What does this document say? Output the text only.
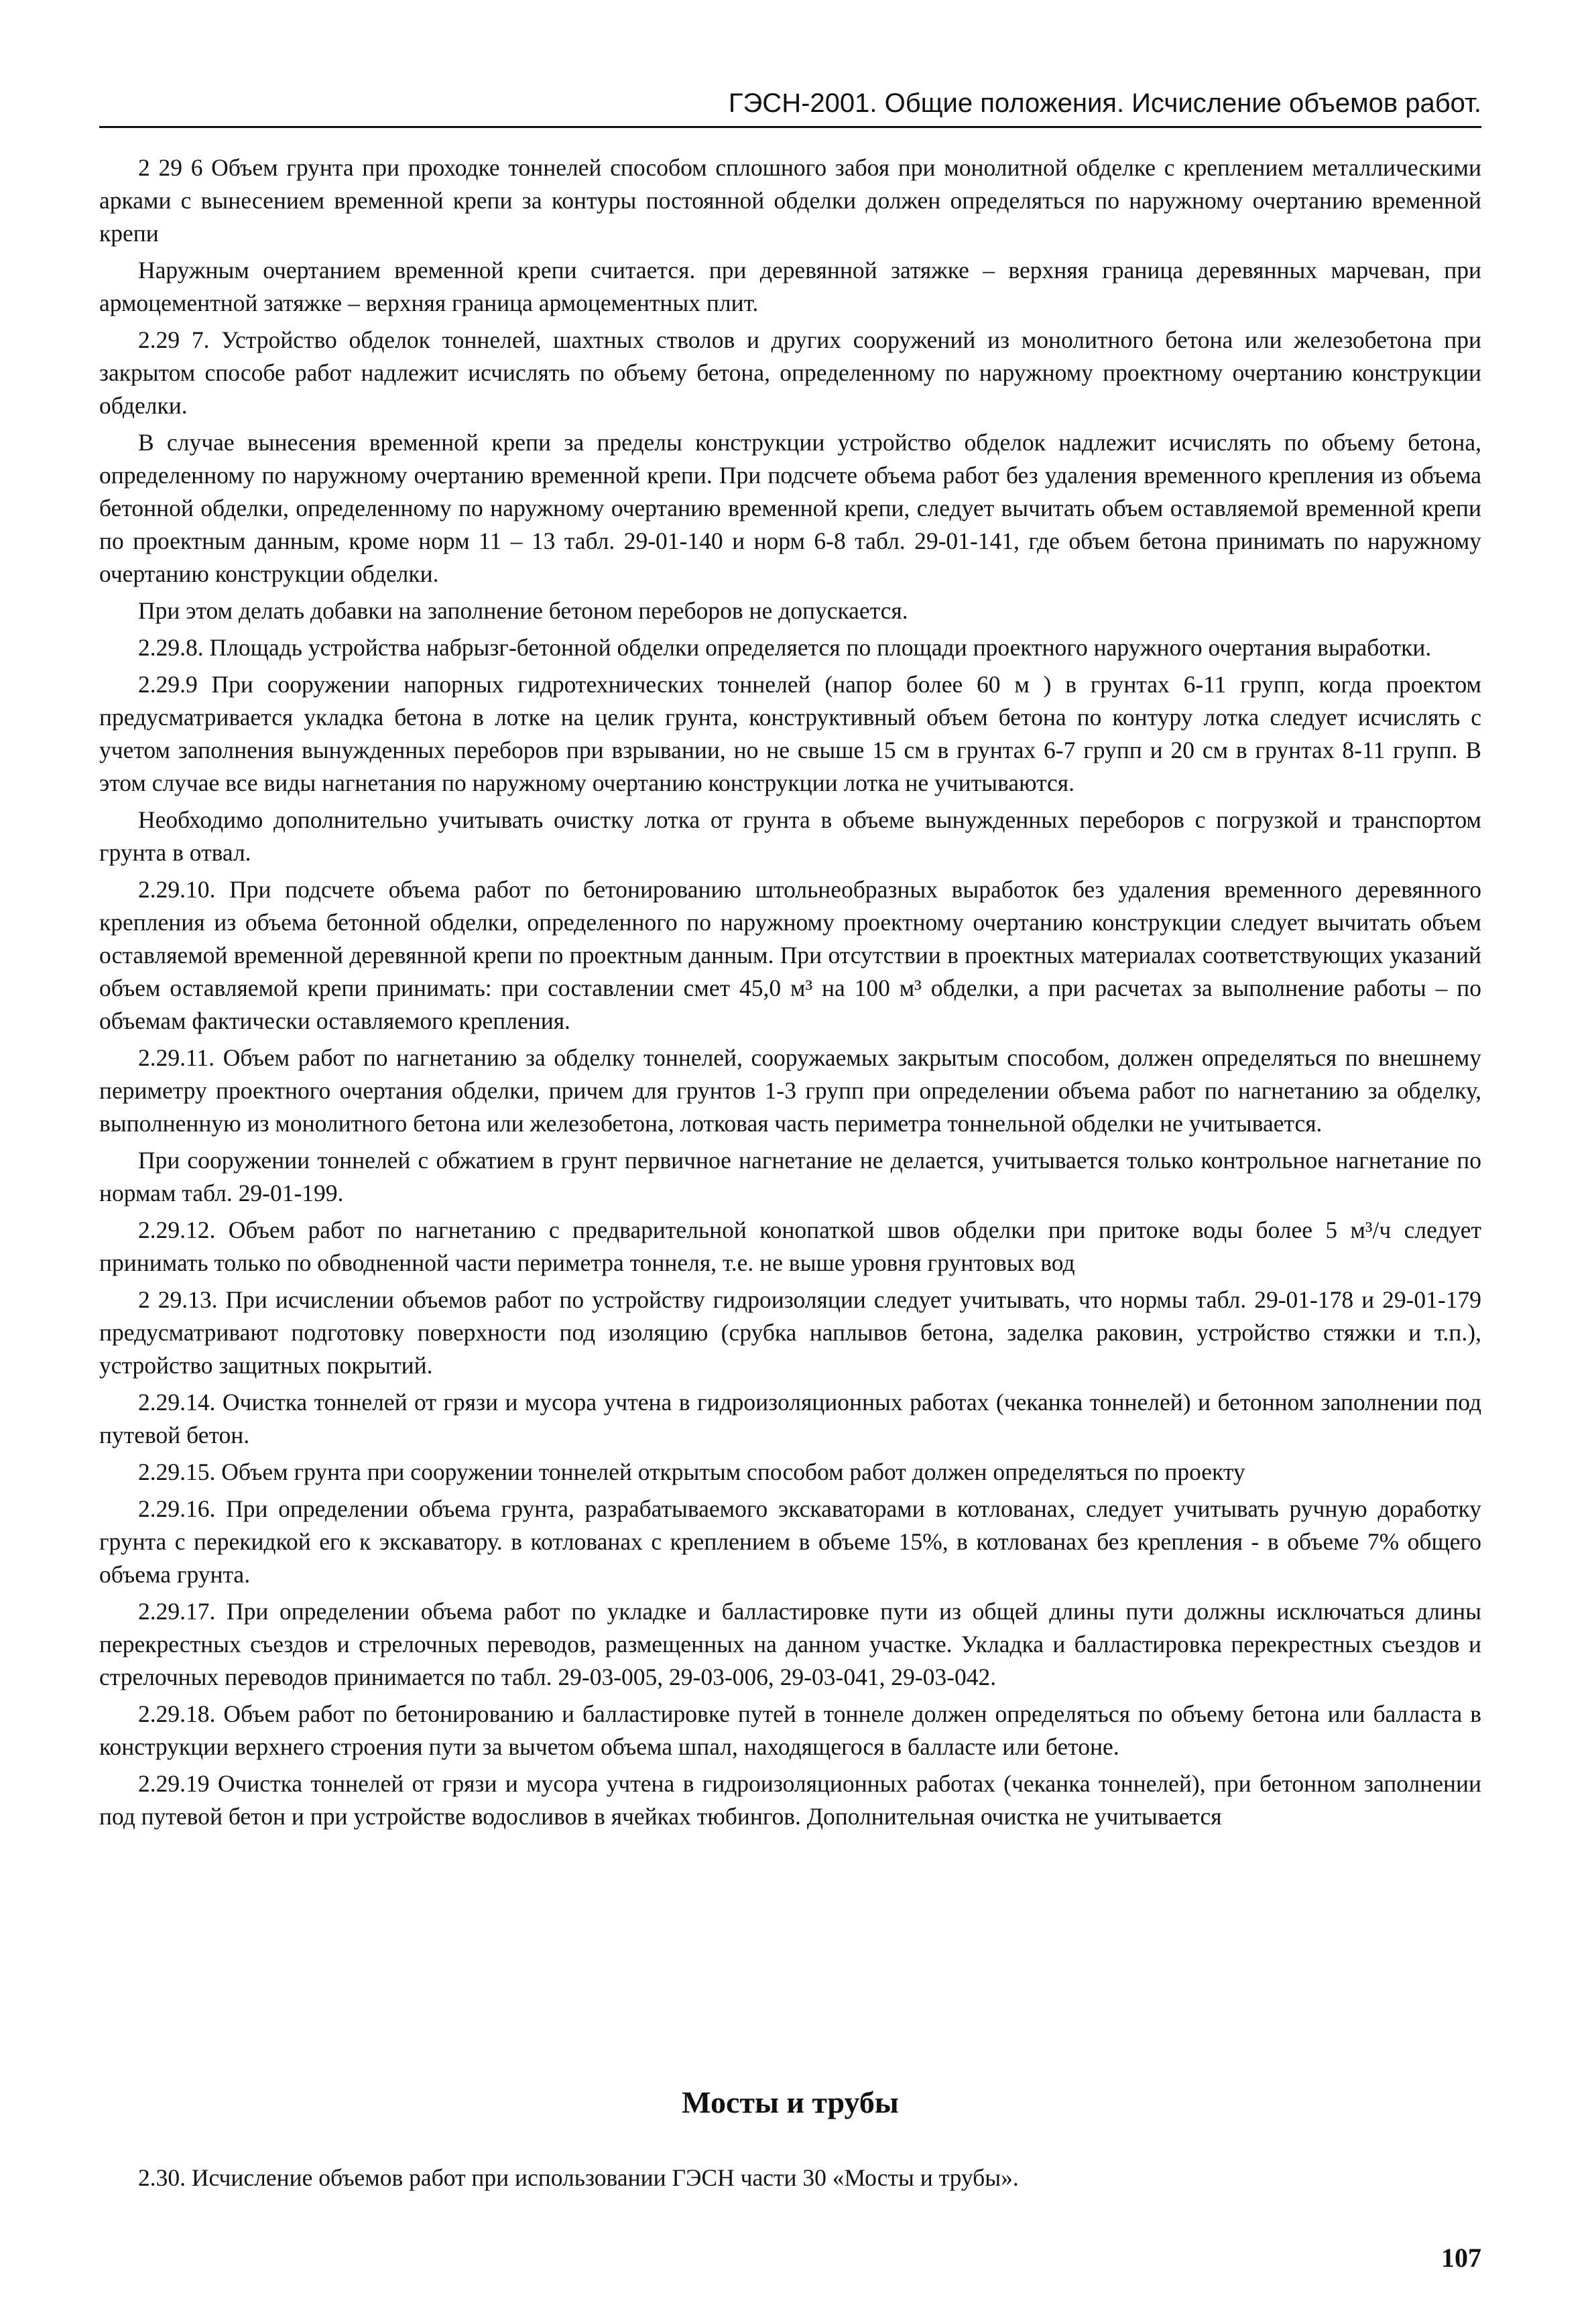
ГЭСН-2001. Общие положения. Исчисление объемов работ.

2 29 6 Объем грунта при проходке тоннелей способом сплошного забоя при монолитной обделке с креплением металлическими арками с вынесением временной крепи за контуры постоянной обделки должен определяться по наружному очертанию временной крепи

Наружным очертанием временной крепи считается. при деревянной затяжке – верхняя граница деревянных марчеван, при армоцементной затяжке – верхняя граница армоцементных плит.

2.29 7. Устройство обделок тоннелей, шахтных стволов и других сооружений из монолитного бетона или железобетона при закрытом способе работ надлежит исчислять по объему бетона, определенному по наружному проектному очертанию конструкции обделки.

В случае вынесения временной крепи за пределы конструкции устройство обделок надлежит исчислять по объему бетона, определенному по наружному очертанию временной крепи. При подсчете объема работ без удаления временного крепления из объема бетонной обделки, определенному по наружному очертанию временной крепи, следует вычитать объем оставляемой временной крепи по проектным данным, кроме норм 11 – 13 табл. 29-01-140 и норм 6-8 табл. 29-01-141, где объем бетона принимать по наружному очертанию конструкции обделки.

При этом делать добавки на заполнение бетоном переборов не допускается.

2.29.8. Площадь устройства набрызг-бетонной обделки определяется по площади проектного наружного очертания выработки.

2.29.9 При сооружении напорных гидротехнических тоннелей (напор более 60 м ) в грунтах 6-11 групп, когда проектом предусматривается укладка бетона в лотке на целик грунта, конструктивный объем бетона по контуру лотка следует исчислять с учетом заполнения вынужденных переборов при взрывании, но не свыше 15 см в грунтах 6-7 групп и 20 см в грунтах 8-11 групп. В этом случае все виды нагнетания по наружному очертанию конструкции лотка не учитываются.

Необходимо дополнительно учитывать очистку лотка от грунта в объеме вынужденных переборов с погрузкой и транспортом грунта в отвал.

2.29.10. При подсчете объема работ по бетонированию штольнеобразных выработок без удаления временного деревянного крепления из объема бетонной обделки, определенного по наружному проектному очертанию конструкции следует вычитать объем оставляемой временной деревянной крепи по проектным данным. При отсутствии в проектных материалах соответствующих указаний объем оставляемой крепи принимать: при составлении смет 45,0 м³ на 100 м³ обделки, а при расчетах за выполнение работы – по объемам фактически оставляемого крепления.

2.29.11. Объем работ по нагнетанию за обделку тоннелей, сооружаемых закрытым способом, должен определяться по внешнему периметру проектного очертания обделки, причем для грунтов 1-3 групп при определении объема работ по нагнетанию за обделку, выполненную из монолитного бетона или железобетона, лотковая часть периметра тоннельной обделки не учитывается.

При сооружении тоннелей с обжатием в грунт первичное нагнетание не делается, учитывается только контрольное нагнетание по нормам табл. 29-01-199.

2.29.12. Объем работ по нагнетанию с предварительной конопаткой швов обделки при притоке воды более 5 м³/ч следует принимать только по обводненной части периметра тоннеля, т.е. не выше уровня грунтовых вод

2 29.13. При исчислении объемов работ по устройству гидроизоляции следует учитывать, что нормы табл. 29-01-178 и 29-01-179 предусматривают подготовку поверхности под изоляцию (срубка наплывов бетона, заделка раковин, устройство стяжки и т.п.), устройство защитных покрытий.

2.29.14. Очистка тоннелей от грязи и мусора учтена в гидроизоляционных работах (чеканка тоннелей) и бетонном заполнении под путевой бетон.

2.29.15. Объем грунта при сооружении тоннелей открытым способом работ должен определяться по проекту

2.29.16. При определении объема грунта, разрабатываемого экскаваторами в котлованах, следует учитывать ручную доработку грунта с перекидкой его к экскаватору. в котлованах с креплением в объеме 15%, в котлованах без крепления - в объеме 7% общего объема грунта.

2.29.17. При определении объема работ по укладке и балластировке пути из общей длины пути должны исключаться длины перекрестных съездов и стрелочных переводов, размещенных на данном участке. Укладка и балластировка перекрестных съездов и стрелочных переводов принимается по табл. 29-03-005, 29-03-006, 29-03-041, 29-03-042.

2.29.18. Объем работ по бетонированию и балластировке путей в тоннеле должен определяться по объему бетона или балласта в конструкции верхнего строения пути за вычетом объема шпал, находящегося в балласте или бетоне.

2.29.19 Очистка тоннелей от грязи и мусора учтена в гидроизоляционных работах (чеканка тоннелей), при бетонном заполнении под путевой бетон и при устройстве водосливов в ячейках тюбингов. Дополнительная очистка не учитывается

Мосты и трубы

2.30. Исчисление объемов работ при использовании ГЭСН части 30 «Мосты и трубы».

107
